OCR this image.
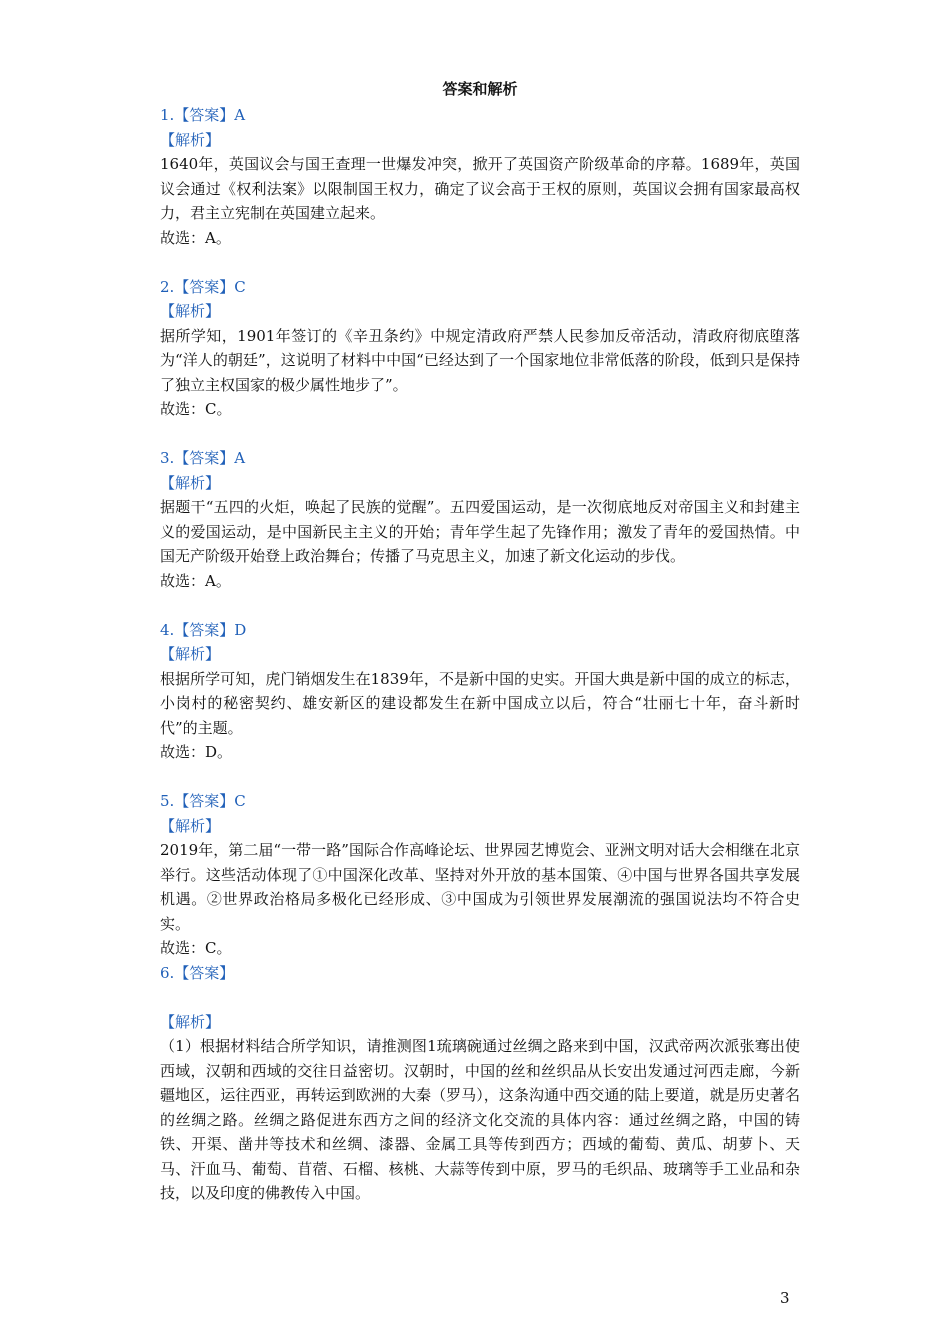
答案和解析
1.【答案】A
【解析】
1640年，英国议会与国王查理一世爆发冲突，掀开了英国资产阶级革命的序幕。1689年，英国议会通过《权利法案》以限制国王权力，确定了议会高于王权的原则，英国议会拥有国家最高权力，君主立宪制在英国建立起来。
故选：A。
2.【答案】C
【解析】
据所学知，1901年签订的《辛丑条约》中规定清政府严禁人民参加反帝活动，清政府彻底堕落为“洋人的朝廷”，这说明了材料中中国“已经达到了一个国家地位非常低落的阶段，低到只是保持了独立主权国家的极少属性地步了”。
故选：C。
3.【答案】A
【解析】
据题干“五四的火炬，唤起了民族的觉醒”。五四爱国运动，是一次彻底地反对帝国主义和封建主义的爱国运动，是中国新民主主义的开始；青年学生起了先锋作用；激发了青年的爱国热情。中国无产阶级开始登上政治舞台；传播了马克思主义，加速了新文化运动的步伐。
故选：A。
4.【答案】D
【解析】
根据所学可知，虎门销烟发生在1839年，不是新中国的史实。开国大典是新中国的成立的标志，小岗村的秘密契约、雄安新区的建设都发生在新中国成立以后，符合“壮丽七十年，奋斗新时代”的主题。
故选：D。
5.【答案】C
【解析】
2019年，第二届“一带一路”国际合作高峰论坛、世界园艺博览会、亚洲文明对话大会相继在北京举行。这些活动体现了①中国深化改革、坚持对外开放的基本国策、④中国与世界各国共享发展机遇。②世界政治格局多极化已经形成、③中国成为引领世界发展潮流的强国说法均不符合史实。
故选：C。
6.【答案】
【解析】
（1）根据材料结合所学知识，请推测图1琉璃碗通过丝绸之路来到中国，汉武帝两次派张骞出使西域，汉朝和西域的交往日益密切。汉朝时，中国的丝和丝织品从长安出发通过河西走廊，今新疆地区，运往西亚，再转运到欧洲的大秦（罗马），这条沟通中西交通的陆上要道，就是历史著名的丝绸之路。丝绸之路促进东西方之间的经济文化交流的具体内容：通过丝绸之路，中国的铸铁、开渠、凿井等技术和丝绸、漆器、金属工具等传到西方；西域的葡萄、黄瓜、胡萝卜、天马、汗血马、葡萄、苜蓿、石榴、核桃、大蒜等传到中原，罗马的毛织品、玻璃等手工业品和杂技，以及印度的佛教传入中国。
3
